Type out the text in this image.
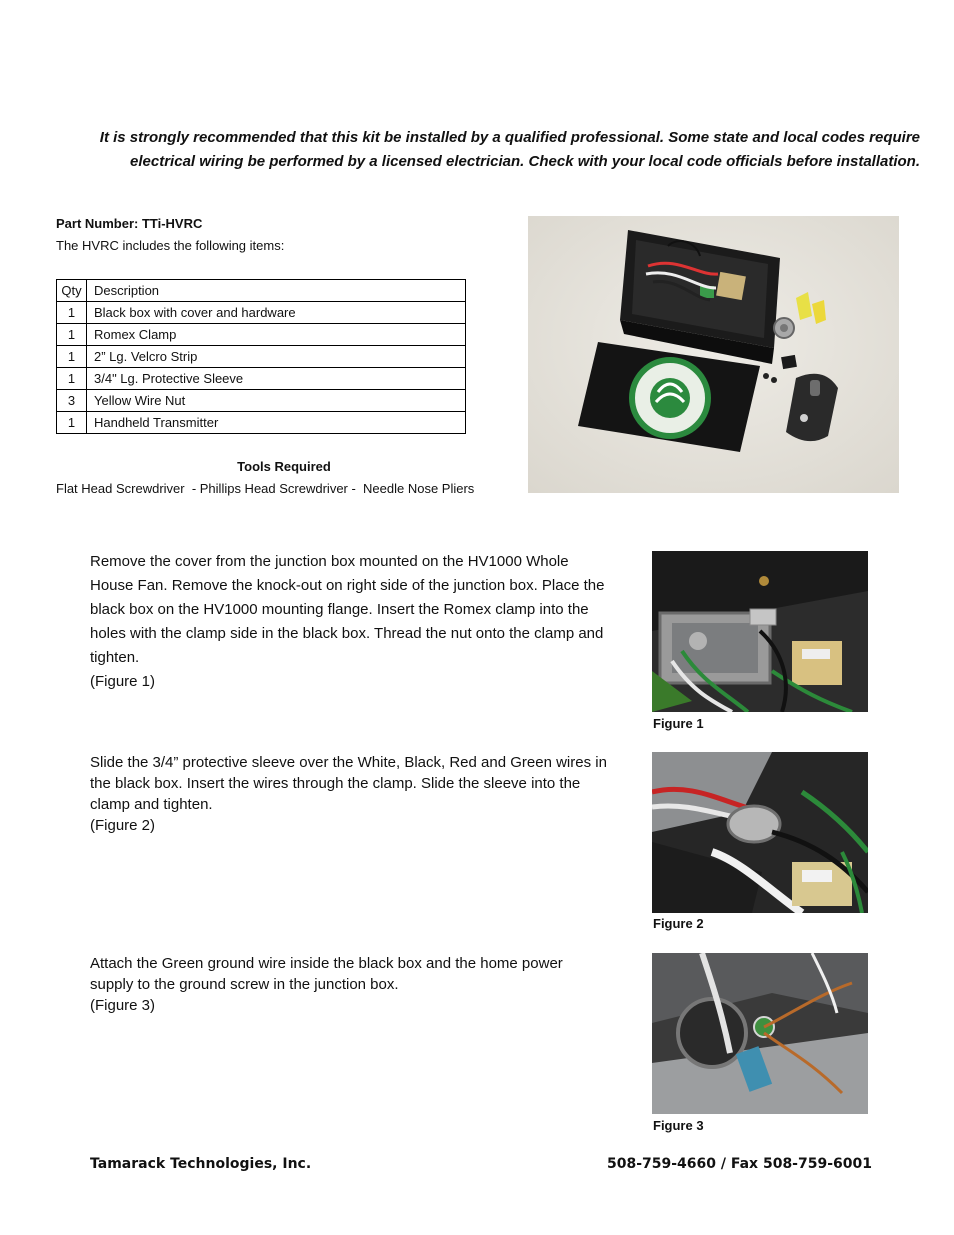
It is strongly recommended that this kit be installed by a qualified professional. Some state and local codes require
electrical wiring be performed by a licensed electrician. Check with your local code officials before installation.
Part Number: TTi-HVRC
The HVRC includes the following items:
Qty	Description
1	Black box with cover and hardware
1	Romex Clamp
1	2” Lg. Velcro Strip
1	3/4" Lg. Protective Sleeve
3	Yellow Wire Nut
1	Handheld Transmitter
Tools Required
Flat Head Screwdriver  - Phillips Head Screwdriver -  Needle Nose Pliers
Remove the cover from the junction box mounted on the HV1000 Whole
House Fan. Remove the knock-out on right side of the junction box. Place the
black box on the HV1000 mounting flange. Insert the Romex clamp into the
holes with the clamp side in the black box. Thread the nut onto the clamp and
tighten.
(Figure 1)
Figure 1
Slide the 3/4” protective sleeve over the White, Black, Red and Green wires in
the black box. Insert the wires through the clamp. Slide the sleeve into the
clamp and tighten.
(Figure 2)
Figure 2
Attach the Green ground wire inside the black box and the home power
supply to the ground screw in the junction box.
(Figure 3)
Figure 3
Tamarack Technologies, Inc.	508-759-4660 / Fax 508-759-6001
